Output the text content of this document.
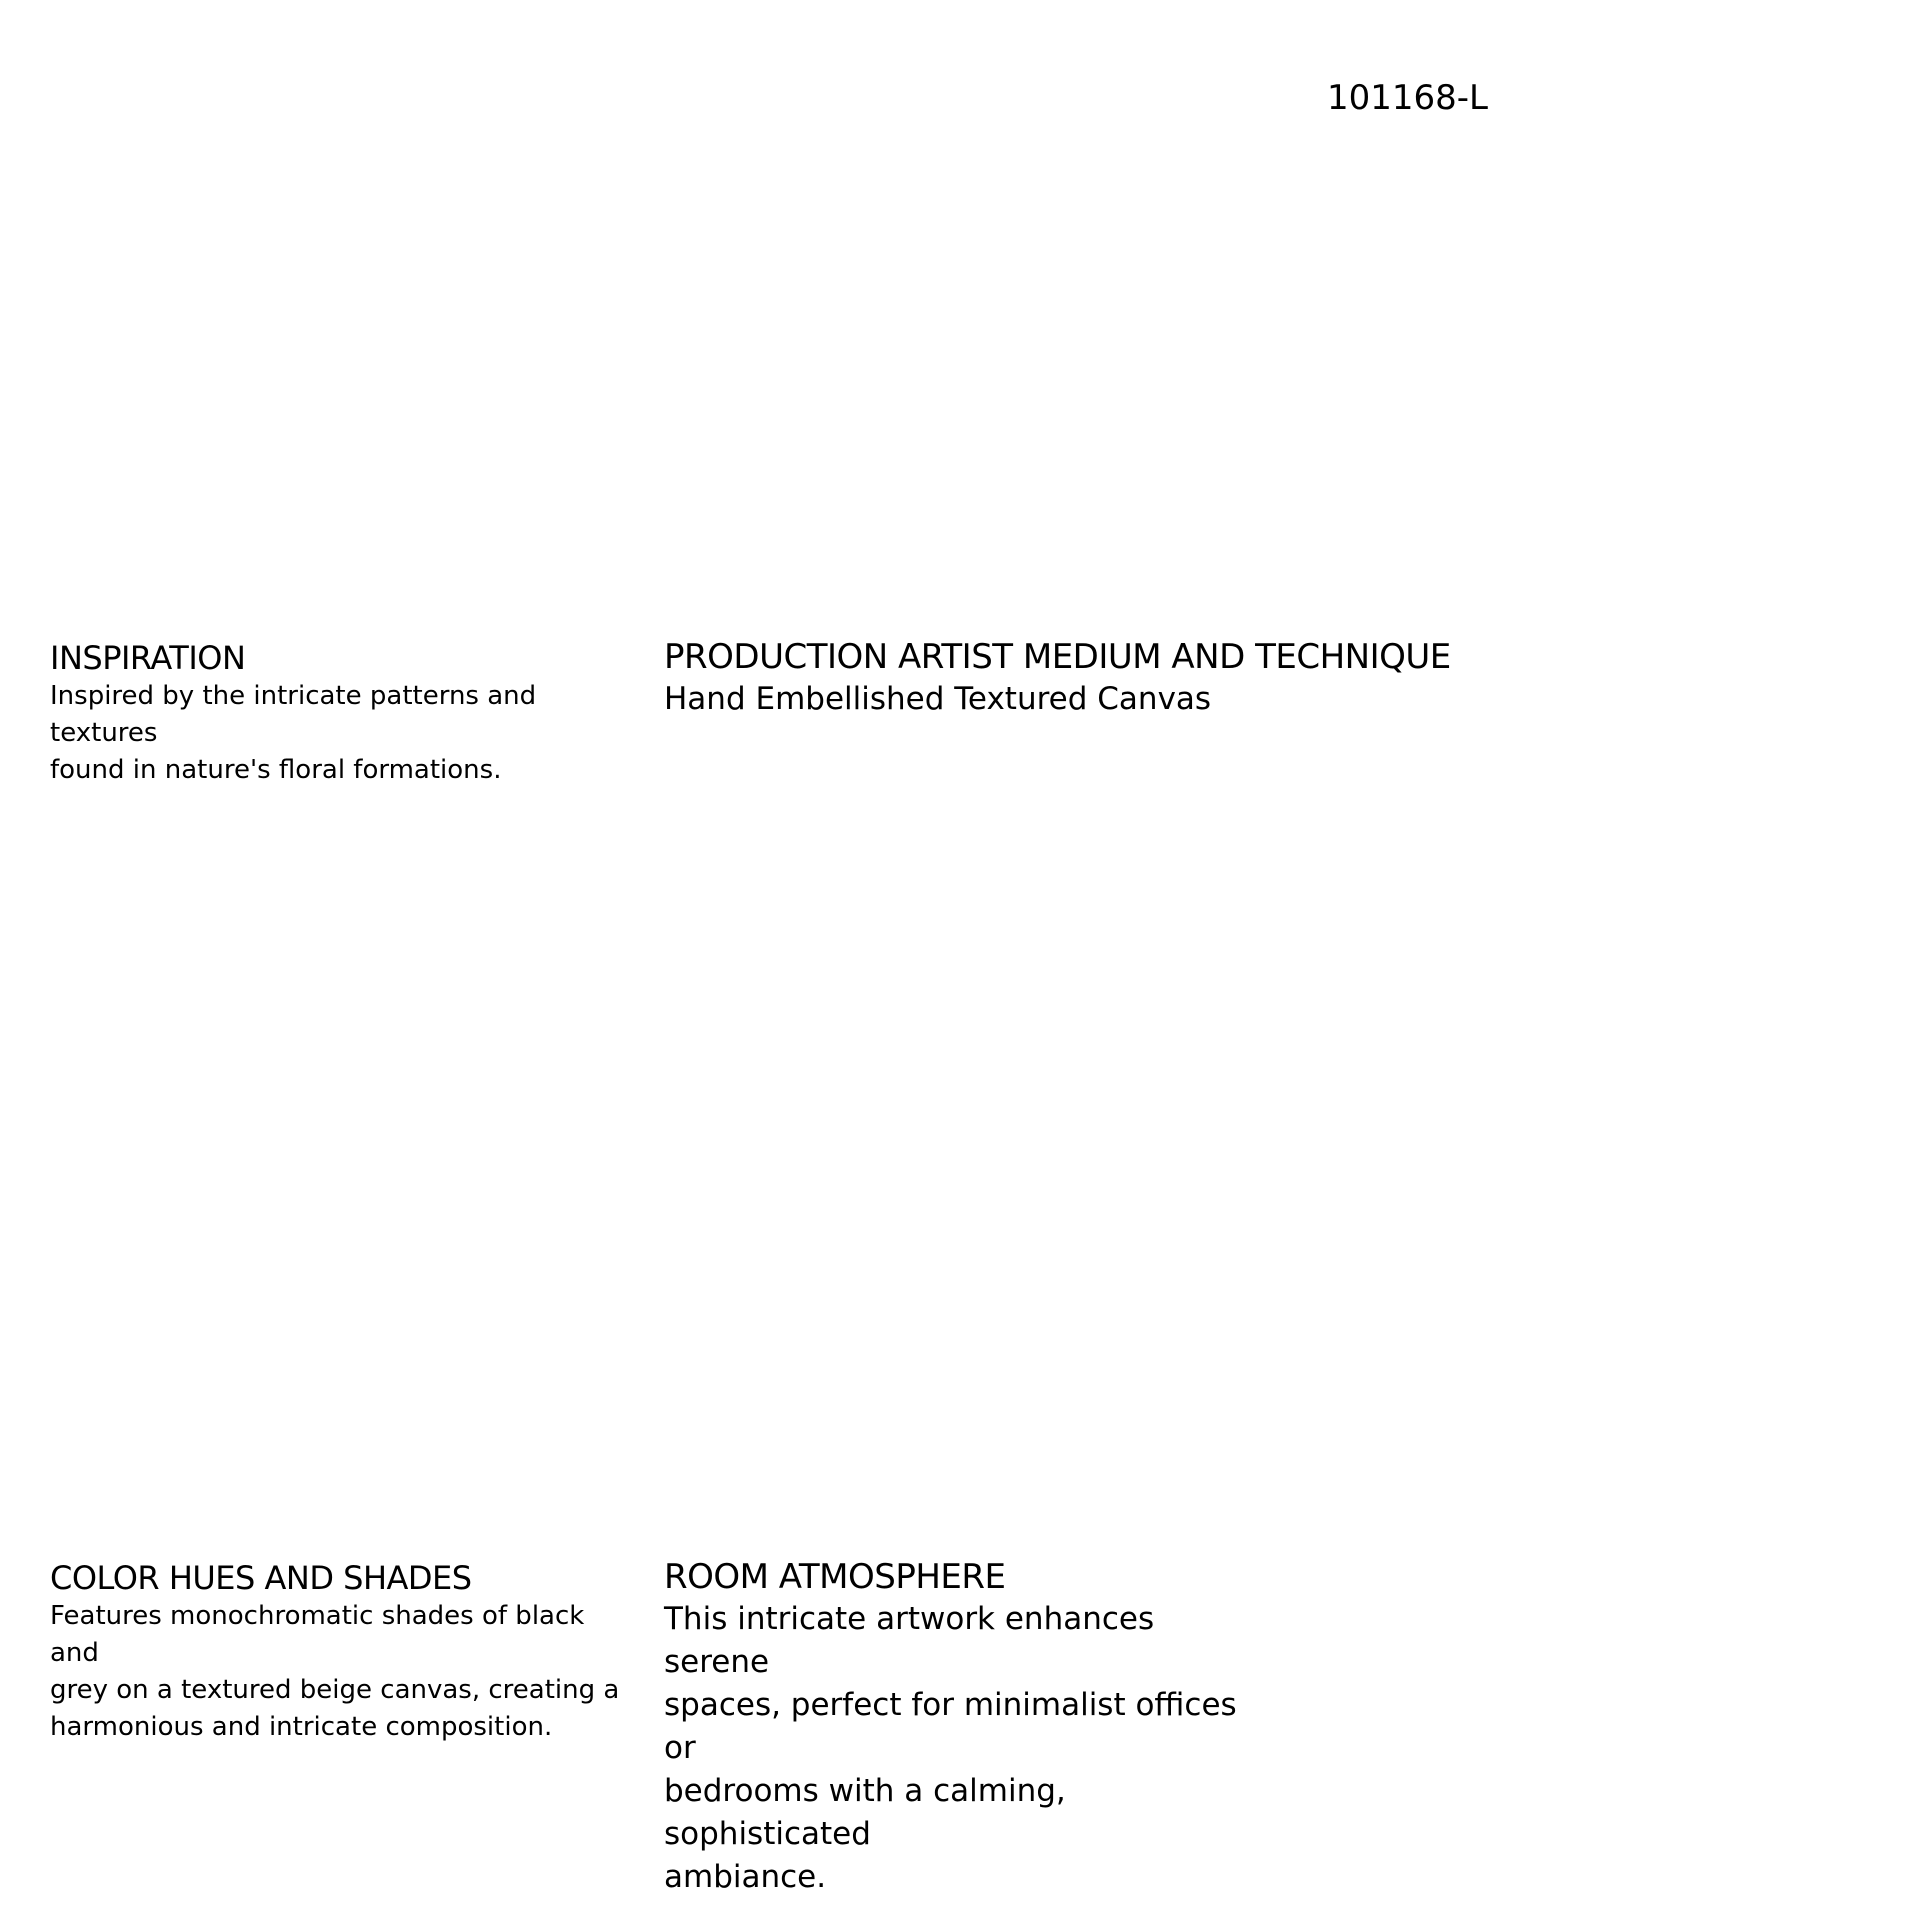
101168-L
INSPIRATION
Inspired by the intricate patterns and textures
found in nature's floral formations.
PRODUCTION ARTIST MEDIUM AND TECHNIQUE
Hand Embellished Textured Canvas
COLOR HUES AND SHADES
Features monochromatic shades of black and
grey on a textured beige canvas, creating a
harmonious and intricate composition.
ROOM ATMOSPHERE
This intricate artwork enhances serene
spaces, perfect for minimalist offices or
bedrooms with a calming, sophisticated
ambiance.
